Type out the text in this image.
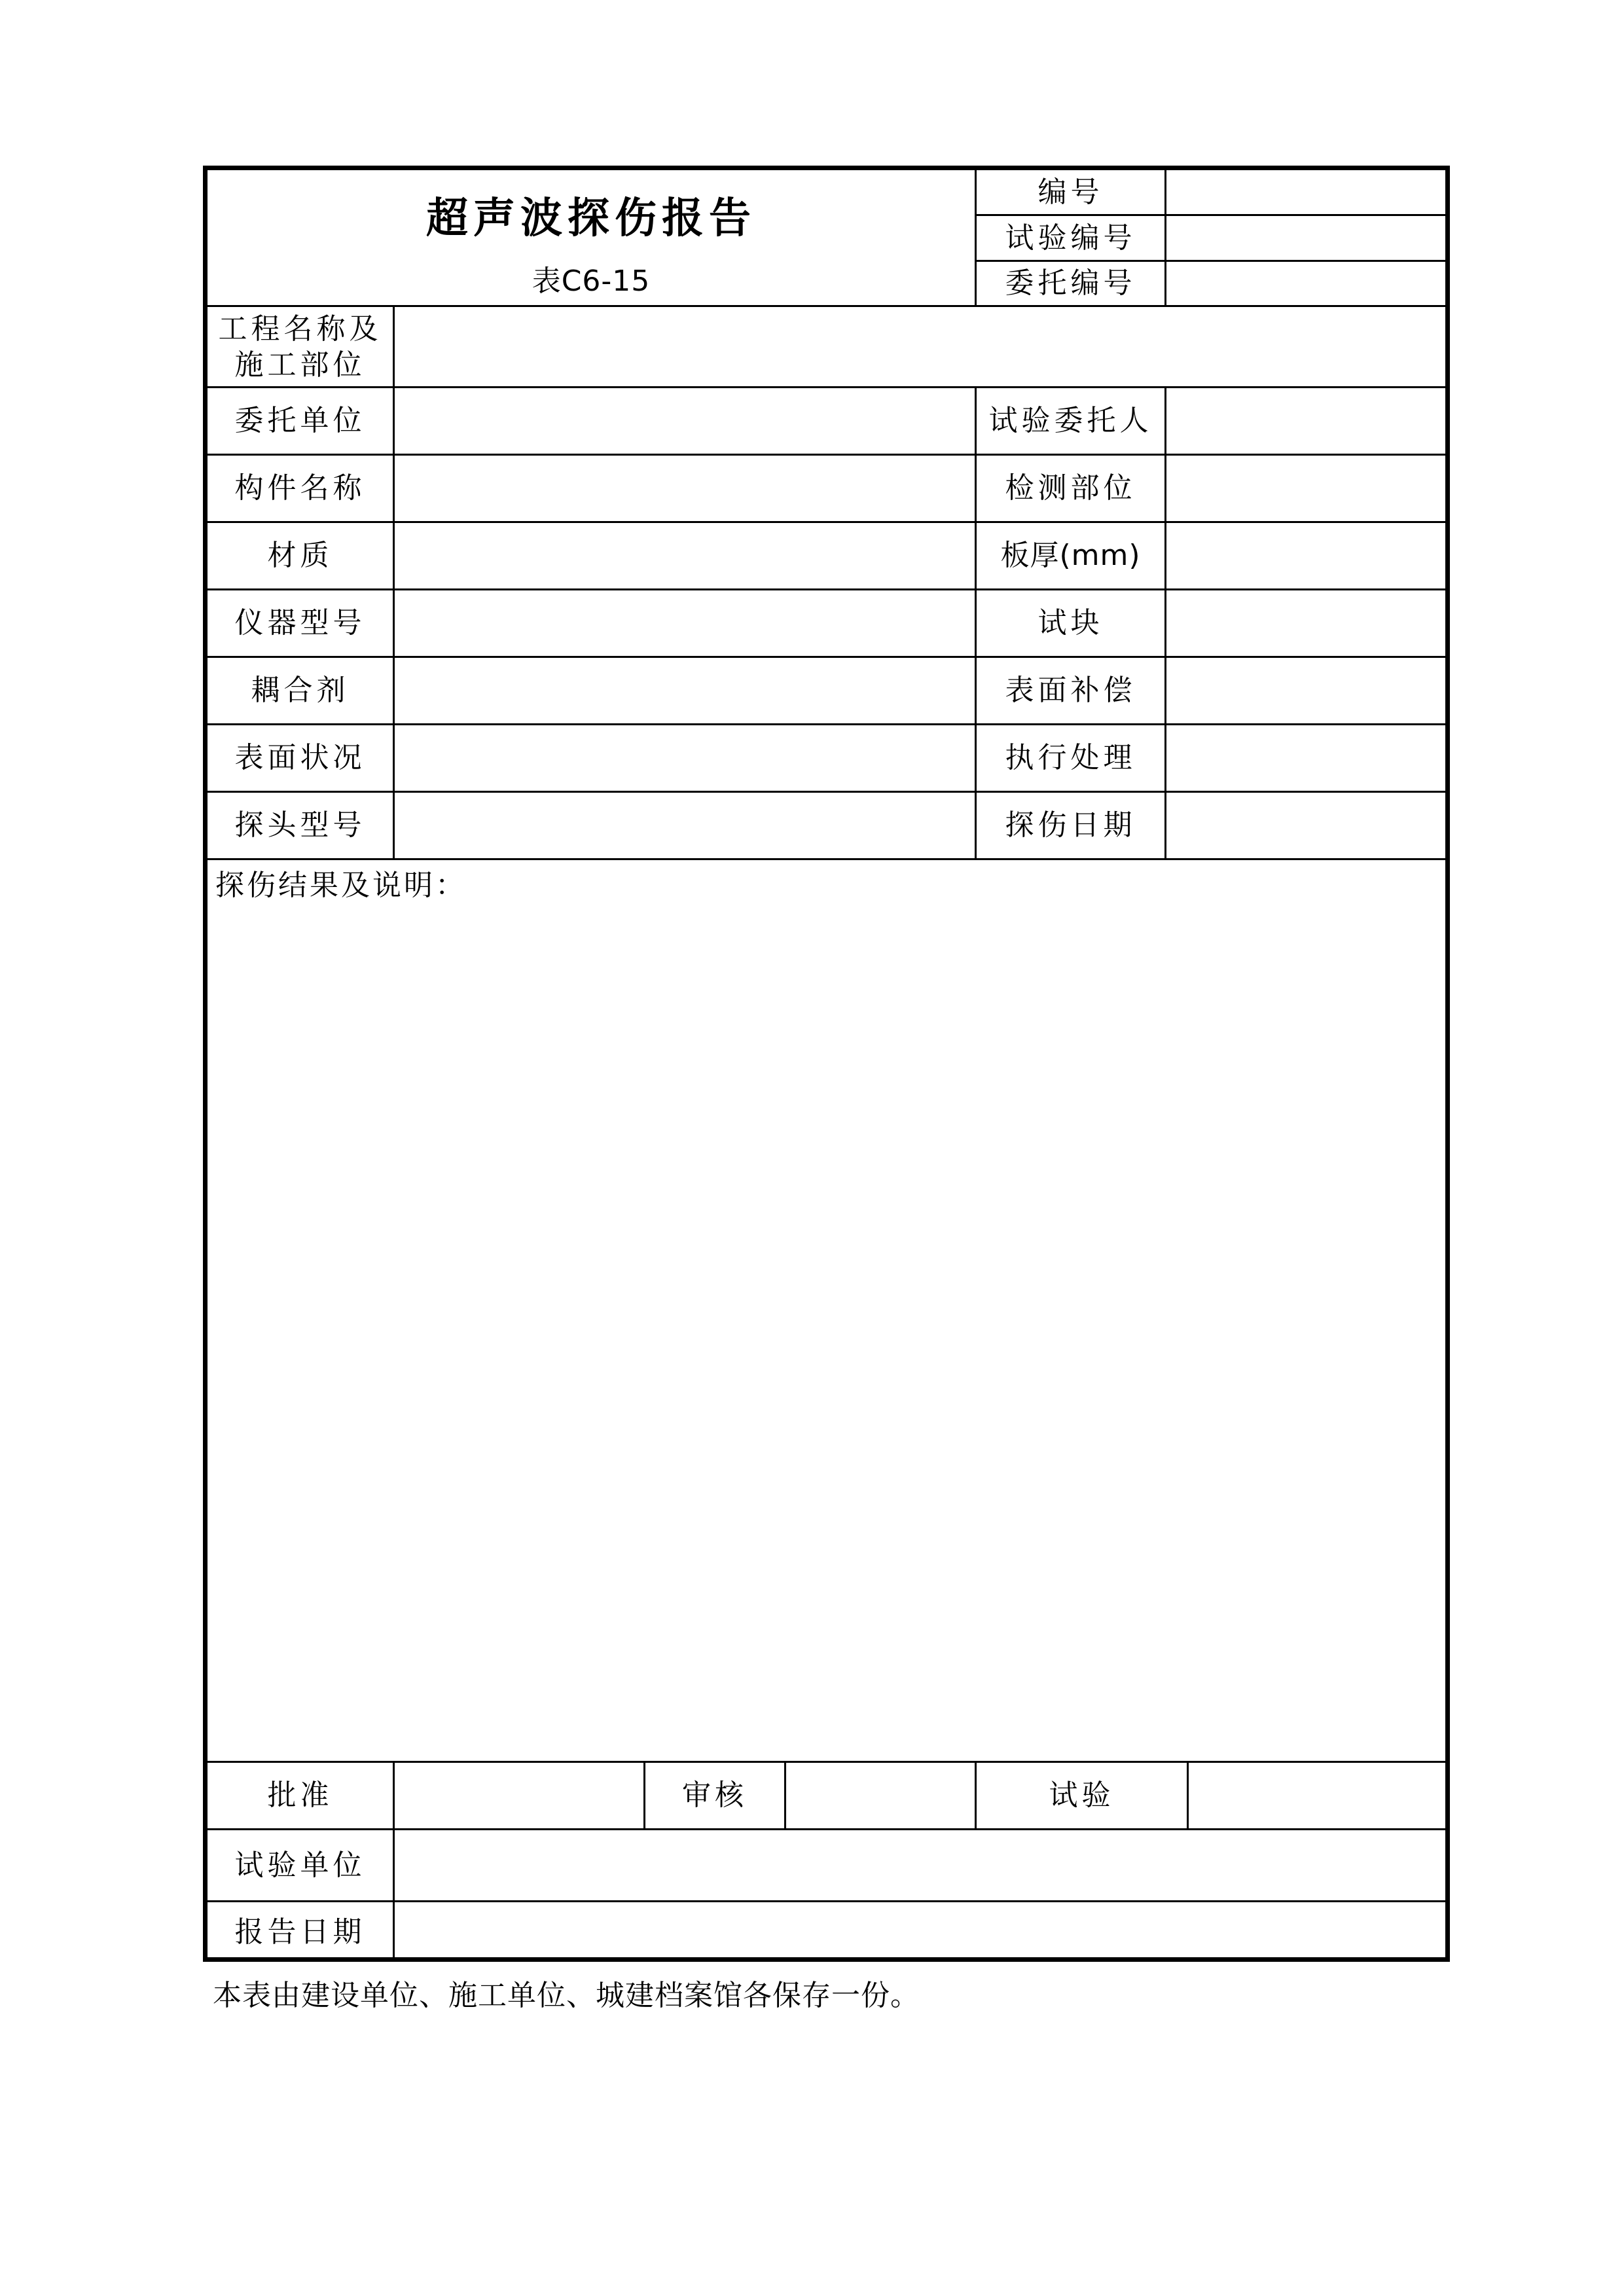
超声波探伤报告
表C6-15
编号
试验编号
委托编号
工程名称及
施工部位
委托单位	试验委托人
构件名称	检测部位
材质	板厚(mm)
仪器型号	试块
耦合剂	表面补偿
表面状况	执行处理
探头型号	探伤日期
探伤结果及说明：
批准	审核	试验
试验单位
报告日期
本表由建设单位、施工单位、城建档案馆各保存一份。
